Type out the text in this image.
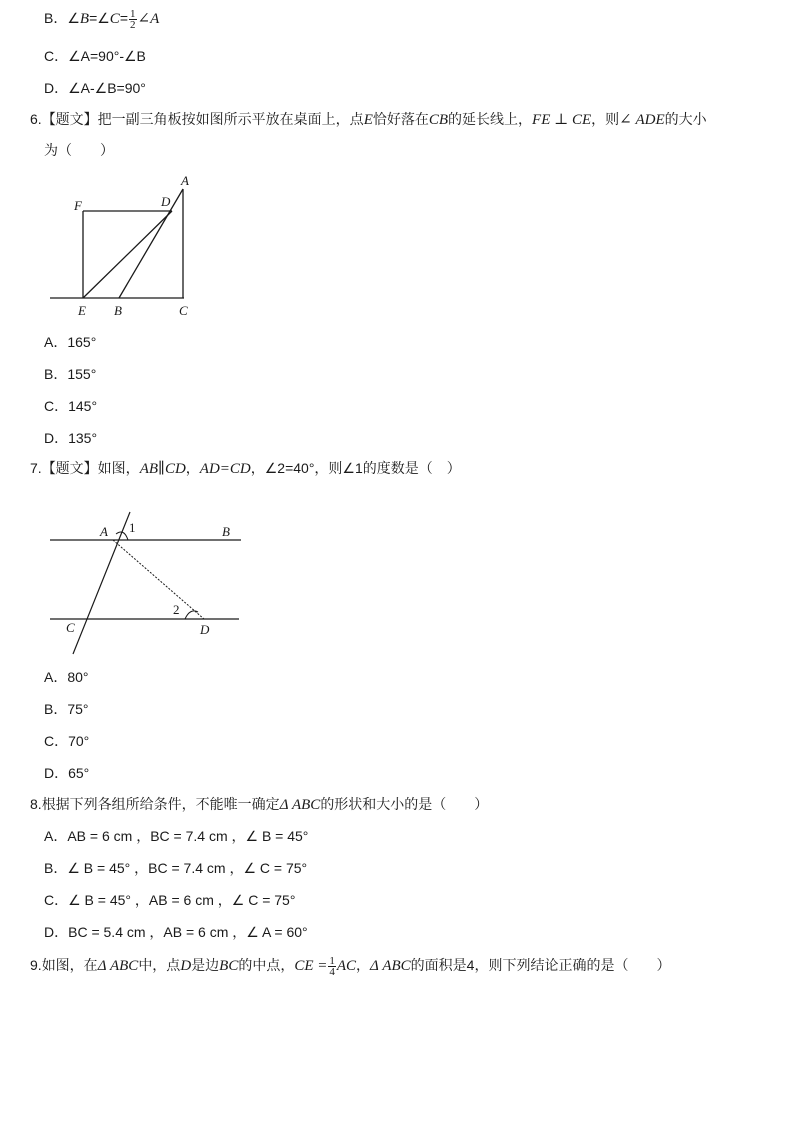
B．∠B=∠C= $\frac{1}{2}$ ∠A
C．∠A=90°-∠B
D．∠A-∠B=90°
6.【题文】把一副三角板按如图所示平放在桌面上，点E恰好落在CB的延长线上，FE ⊥ CE，则∠ ADE的大小
为（　　）
F	D
A
E B	C
A．165°
B．155°
C．145°
D．135°
7.【题文】如图，AB∥CD，AD=CD，∠2=40°，则∠1的度数是（　）
A 1	B
2
C	D
A．80°
B．75°
C．70°
D．65°
8.根据下列各组所给条件，不能唯一确定Δ ABC的形状和大小的是（　　）
A．AB = 6 cm ，BC = 7.4 cm ，∠ B = 45°
B．∠ B = 45° ，BC = 7.4 cm ，∠ C = 75°
C．∠ B = 45° ，AB = 6 cm ，∠ C = 75°
D．BC = 5.4 cm ，AB = 6 cm ，∠ A = 60°
9.如图，在Δ ABC中，点D是边BC的中点，CE = $\frac{1}{4}$ AC，Δ ABC的面积是4，则下列结论正确的是（　　）
